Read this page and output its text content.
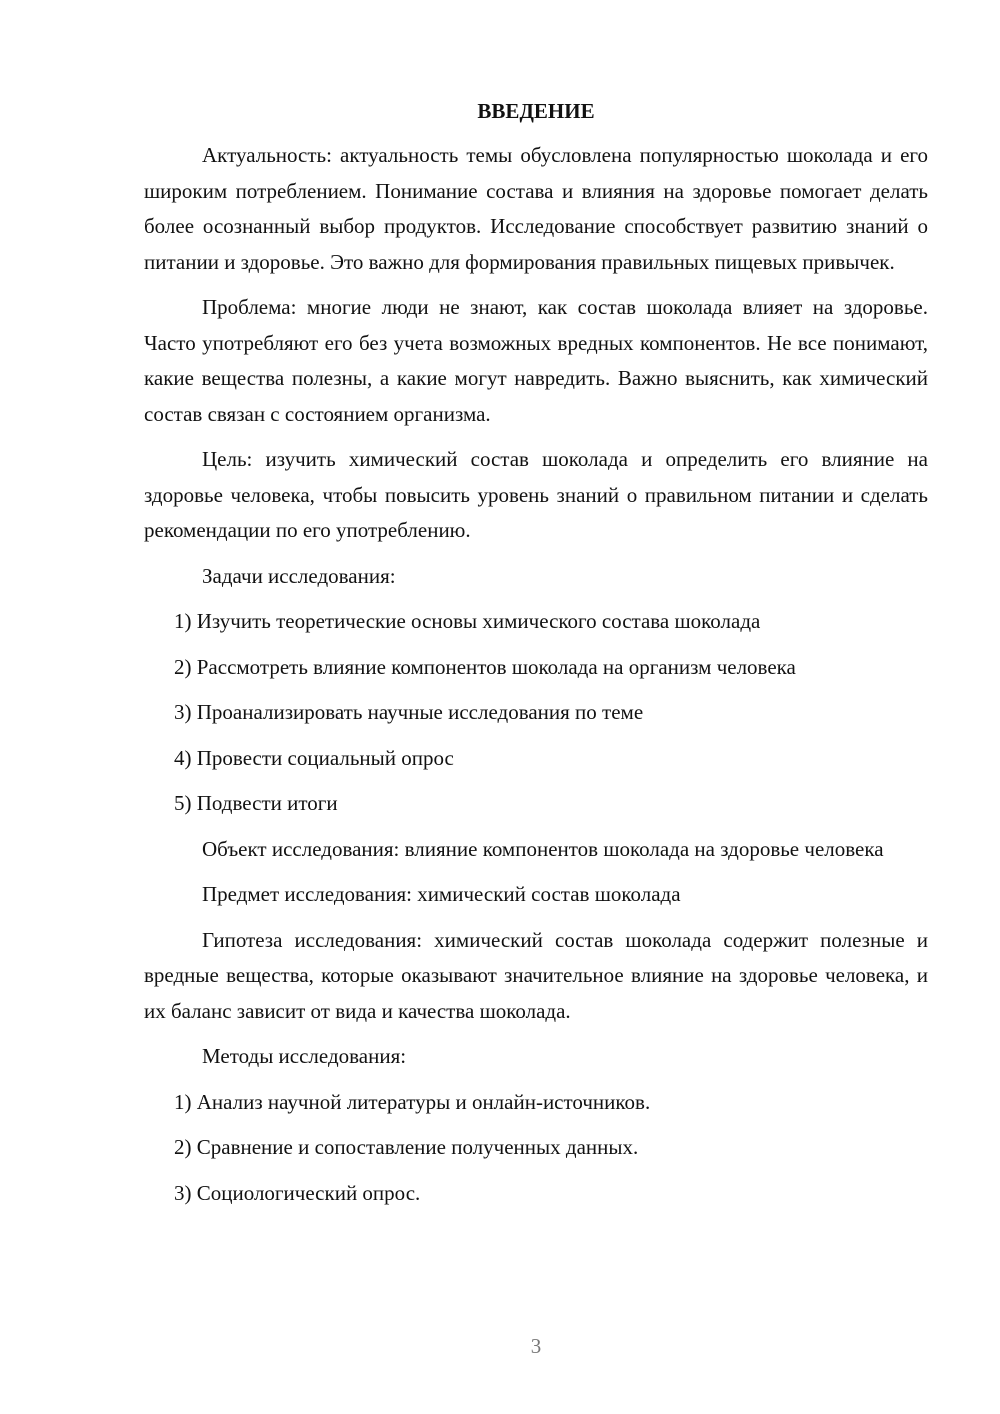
ВВЕДЕНИЕ

Актуальность: актуальность темы обусловлена популярностью шоколада и его широким потреблением. Понимание состава и влияния на здоровье помогает делать более осознанный выбор продуктов. Исследование способствует развитию знаний о питании и здоровье. Это важно для формирования правильных пищевых привычек.

Проблема: многие люди не знают, как состав шоколада влияет на здоровье. Часто употребляют его без учета возможных вредных компонентов. Не все понимают, какие вещества полезны, а какие могут навредить. Важно выяснить, как химический состав связан с состоянием организма.

Цель: изучить химический состав шоколада и определить его влияние на здоровье человека, чтобы повысить уровень знаний о правильном питании и сделать рекомендации по его употреблению.

Задачи исследования:

1) Изучить теоретические основы химического состава шоколада
2) Рассмотреть влияние компонентов шоколада на организм человека
3) Проанализировать научные исследования по теме
4) Провести социальный опрос
5) Подвести итоги

Объект исследования: влияние компонентов шоколада на здоровье человека

Предмет исследования: химический состав шоколада

Гипотеза исследования: химический состав шоколада содержит полезные и вредные вещества, которые оказывают значительное влияние на здоровье человека, и их баланс зависит от вида и качества шоколада.

Методы исследования:

1) Анализ научной литературы и онлайн-источников.
2) Сравнение и сопоставление полученных данных.
3) Социологический опрос.
3
